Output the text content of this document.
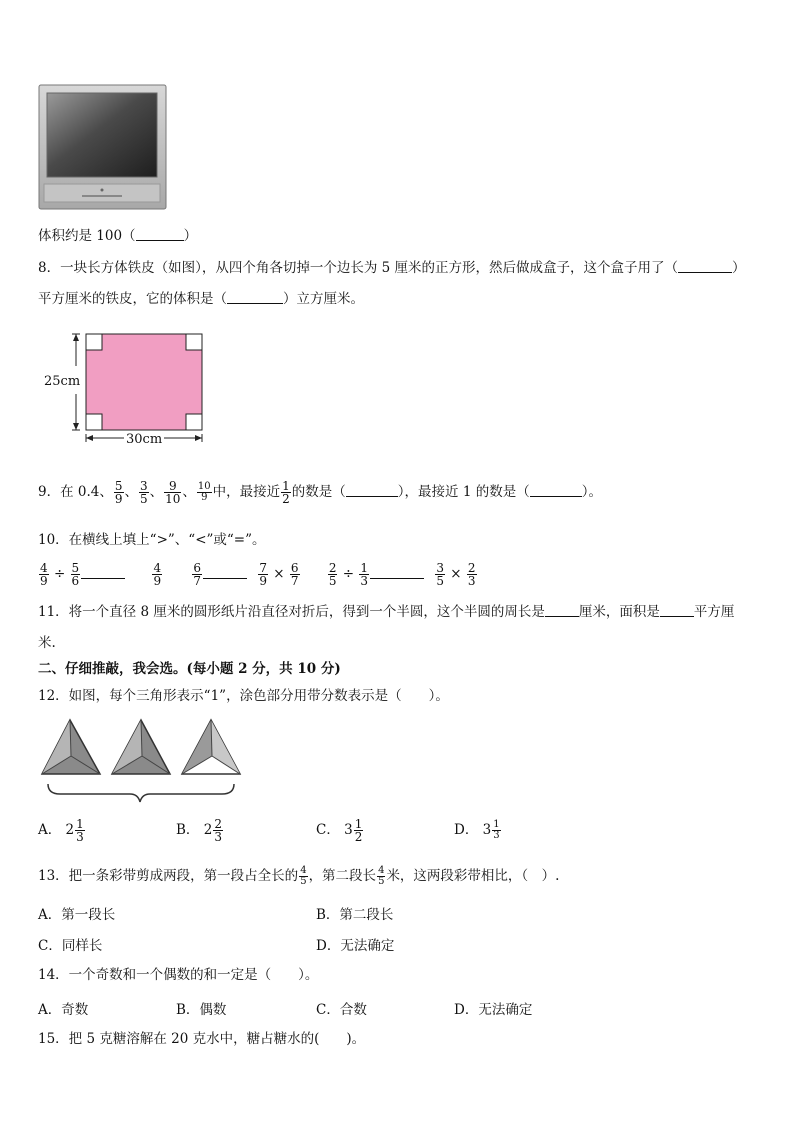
体积约是 100（	）
8．一块长方体铁皮（如图），从四个角各切掉一个边长为 5 厘米的正方形，然后做成盒子，这个盒子用了（	）
平方厘米的铁皮，它的体积是（	）立方厘米。
25cm
30cm
9．在 0.4、 $\frac{5}{9}$ 、 $\frac{3}{5}$ 、 $\frac{9}{10}$ 、 $\frac{10}{9}$ 中，最接近 $\frac{1}{2}$ 的数是（	），最接近 1 的数是（	）。
10．在横线上填上“>”、“<”或“=”。
$\frac{4}{9} \div \frac{5}{6}$
	$\frac{4}{9}$
	$\frac{6}{7}$
	$\frac{7}{9} \times \frac{6}{7}$
$\frac{2}{5} \div \frac{1}{3}$
	$\frac{3}{5} \times \frac{2}{3}$
11．将一个直径 8 厘米的圆形纸片沿直径对折后，得到一个半圆，这个半圆的周长是	厘米，面积是	平方厘
米.
二、仔细推敲，我会选。(每小题 2 分，共 10 分)
12．如图，每个三角形表示“1”，涂色部分用带分数表示是（　　）。
A． $2 \frac{1}{3}$	B． $2 \frac{2}{3}$	C． $3 \frac{1}{2}$	D． $3 \frac{1}{3}$
13．把一条彩带剪成两段，第一段占全长的 $\frac{4}{5}$ ，第二段长 $\frac{4}{5}$ 米，这两段彩带相比，（　）.
A．第一段长	B．第二段长
C．同样长	D．无法确定
14．一个奇数和一个偶数的和一定是（　　）。
A．奇数	B．偶数	C．合数	D．无法确定
15．把 5 克糖溶解在 20 克水中，糖占糖水的(　　)。
